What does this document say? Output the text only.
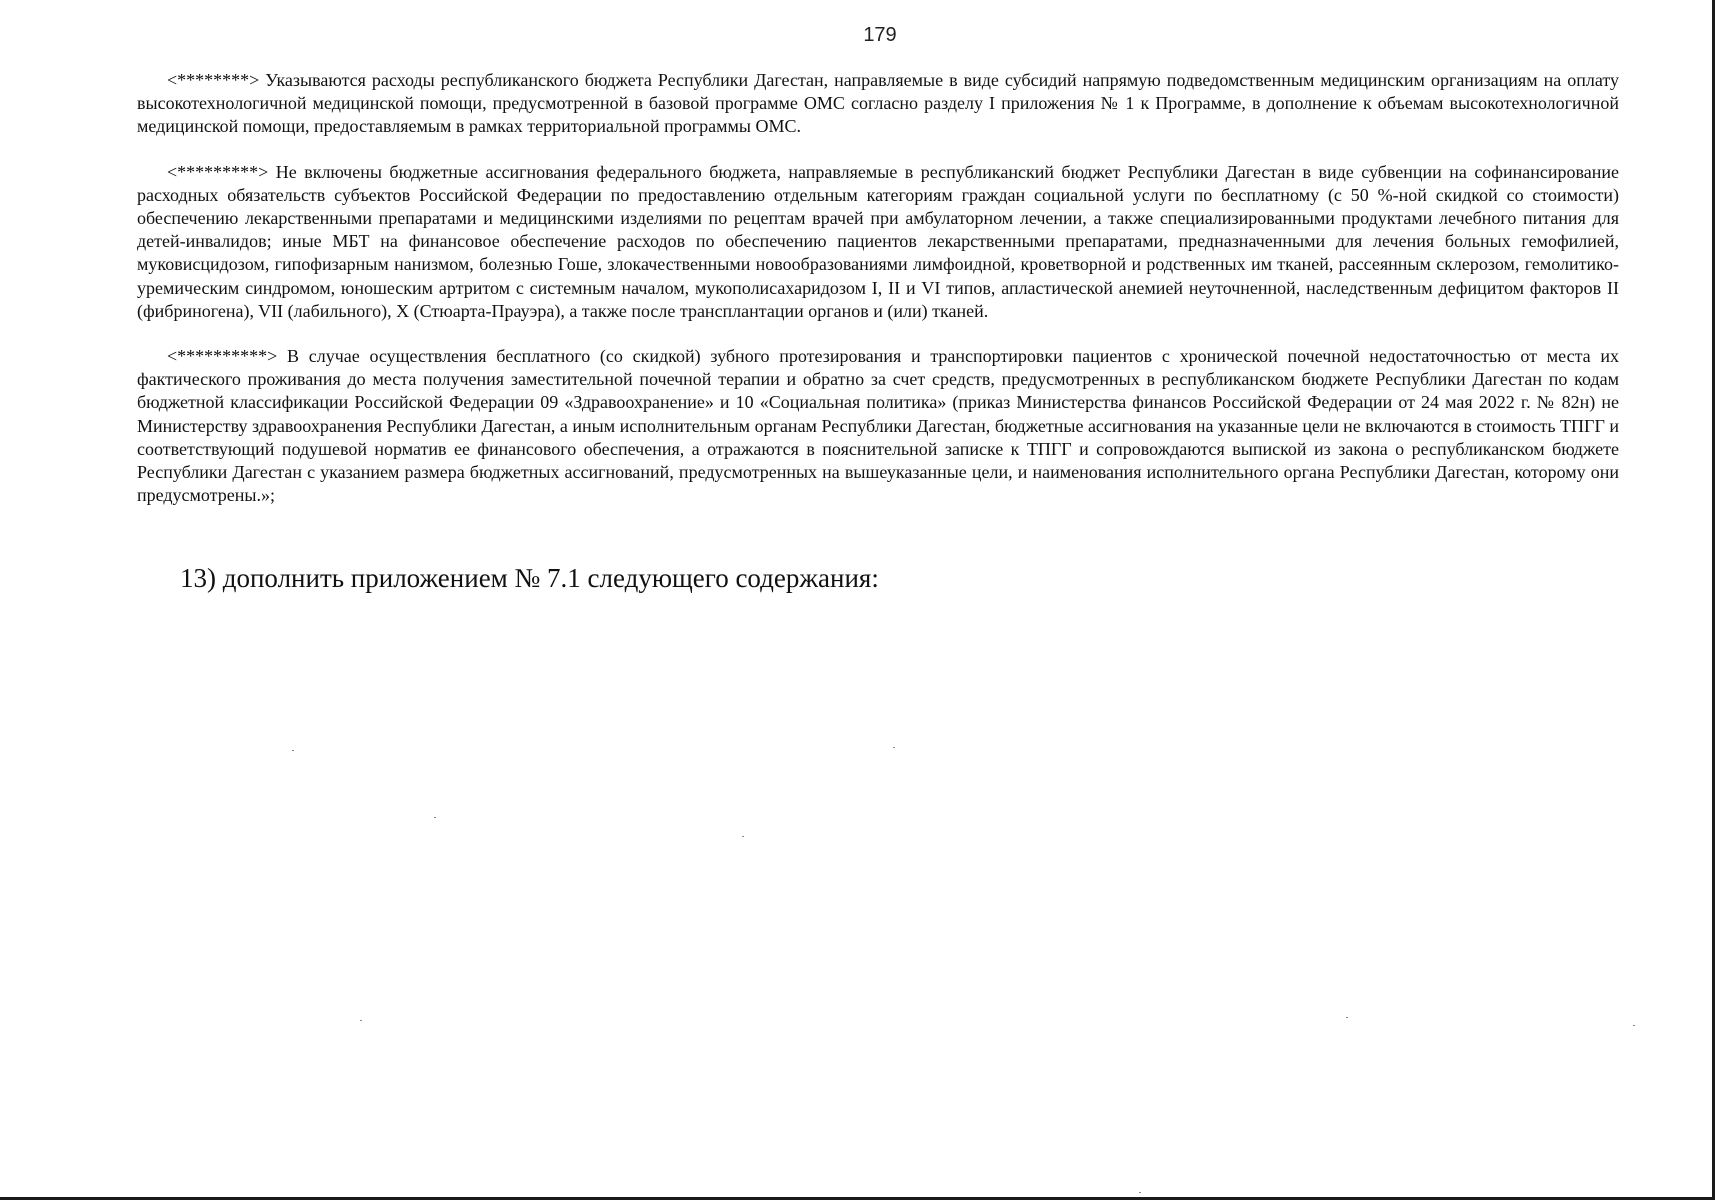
179

<********> Указываются расходы республиканского бюджета Республики Дагестан, направляемые в виде субсидий напрямую подведомственным медицинским организациям на оплату высокотехнологичной медицинской помощи, предусмотренной в базовой программе ОМС согласно разделу I приложения № 1 к Программе, в дополнение к объемам высокотехнологичной медицинской помощи, предоставляемым в рамках территориальной программы ОМС.

<*********> Не включены бюджетные ассигнования федерального бюджета, направляемые в республиканский бюджет Республики Дагестан в виде субвенции на софинансирование расходных обязательств субъектов Российской Федерации по предоставлению отдельным категориям граждан социальной услуги по бесплатному (с 50 %-ной скидкой со стоимости) обеспечению лекарственными препаратами и медицинскими изделиями по рецептам врачей при амбулаторном лечении, а также специализированными продуктами лечебного питания для детей-инвалидов; иные МБТ на финансовое обеспечение расходов по обеспечению пациентов лекарственными препаратами, предназначенными для лечения больных гемофилией, муковисцидозом, гипофизарным нанизмом, болезнью Гоше, злокачественными новообразованиями лимфоидной, кроветворной и родственных им тканей, рассеянным склерозом, гемолитико-уремическим синдромом, юношеским артритом с системным началом, мукополисахаридозом I, II и VI типов, апластической анемией неуточненной, наследственным дефицитом факторов II (фибриногена), VII (лабильного), X (Стюарта-Прауэра), а также после трансплантации органов и (или) тканей.

<**********> В случае осуществления бесплатного (со скидкой) зубного протезирования и транспортировки пациентов с хронической почечной недостаточностью от места их фактического проживания до места получения заместительной почечной терапии и обратно за счет средств, предусмотренных в республиканском бюджете Республики Дагестан по кодам бюджетной классификации Российской Федерации 09 «Здравоохранение» и 10 «Социальная политика» (приказ Министерства финансов Российской Федерации от 24 мая 2022 г. № 82н) не Министерству здравоохранения Республики Дагестан, а иным исполнительным органам Республики Дагестан, бюджетные ассигнования на указанные цели не включаются в стоимость ТПГГ и соответствующий подушевой норматив ее финансового обеспечения, а отражаются в пояснительной записке к ТПГГ и сопровождаются выпиской из закона о республиканском бюджете Республики Дагестан с указанием размера бюджетных ассигнований, предусмотренных на вышеуказанные цели, и наименования исполнительного органа Республики Дагестан, которому они предусмотрены.»;

13) дополнить приложением № 7.1 следующего содержания:
